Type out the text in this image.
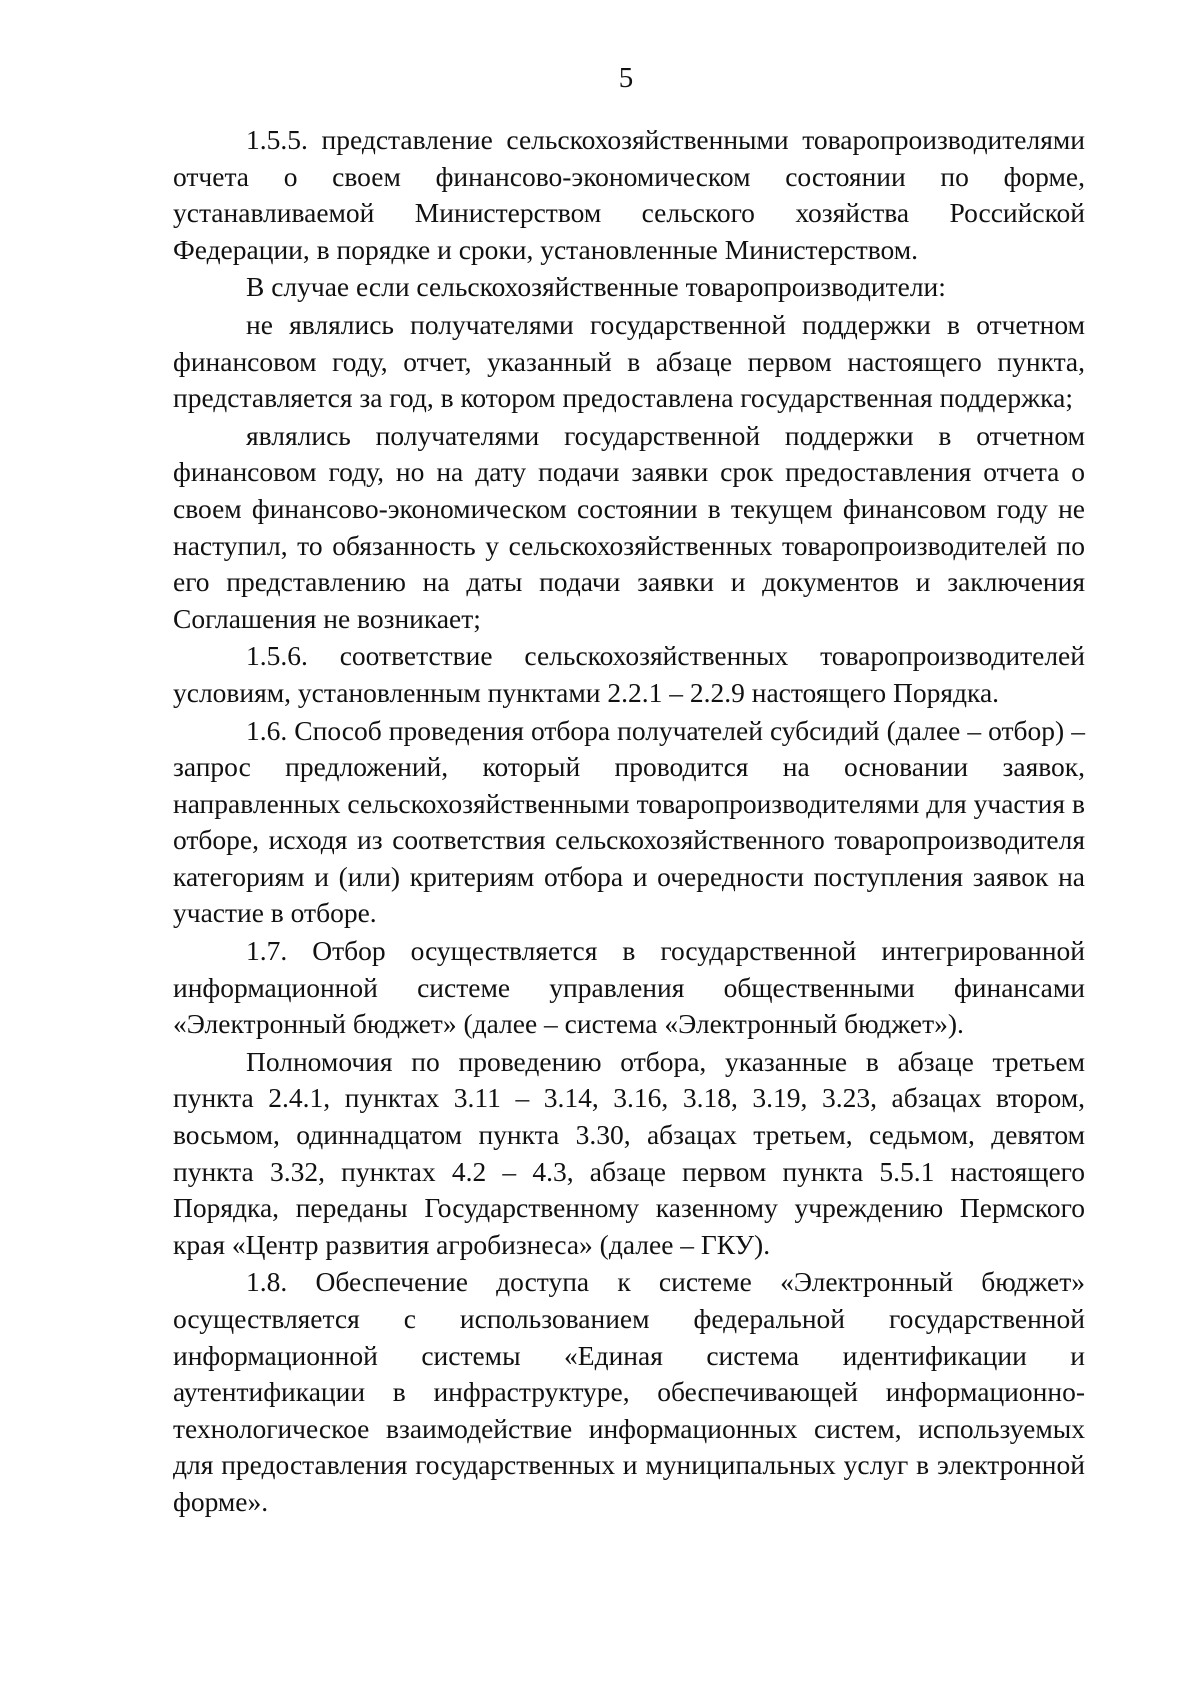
5

1.5.5. представление сельскохозяйственными товаропроизводителями отчета о своем финансово-экономическом состоянии по форме, устанавливаемой Министерством сельского хозяйства Российской Федерации, в порядке и сроки, установленные Министерством.

В случае если сельскохозяйственные товаропроизводители:

не являлись получателями государственной поддержки в отчетном финансовом году, отчет, указанный в абзаце первом настоящего пункта, представляется за год, в котором предоставлена государственная поддержка;

являлись получателями государственной поддержки в отчетном финансовом году, но на дату подачи заявки срок предоставления отчета о своем финансово-экономическом состоянии в текущем финансовом году не наступил, то обязанность у сельскохозяйственных товаропроизводителей по его представлению на даты подачи заявки и документов и заключения Соглашения не возникает;

1.5.6. соответствие сельскохозяйственных товаропроизводителей условиям, установленным пунктами 2.2.1 – 2.2.9 настоящего Порядка.

1.6. Способ проведения отбора получателей субсидий (далее – отбор) – запрос предложений, который проводится на основании заявок, направленных сельскохозяйственными товаропроизводителями для участия в отборе, исходя из соответствия сельскохозяйственного товаропроизводителя категориям и (или) критериям отбора и очередности поступления заявок на участие в отборе.

1.7. Отбор осуществляется в государственной интегрированной информационной системе управления общественными финансами «Электронный бюджет» (далее – система «Электронный бюджет»).

Полномочия по проведению отбора, указанные в абзаце третьем пункта 2.4.1, пунктах 3.11 – 3.14, 3.16, 3.18, 3.19, 3.23, абзацах втором, восьмом, одиннадцатом пункта 3.30, абзацах третьем, седьмом, девятом пункта 3.32, пунктах 4.2 – 4.3, абзаце первом пункта 5.5.1 настоящего Порядка, переданы Государственному казенному учреждению Пермского края «Центр развития агробизнеса» (далее – ГКУ).

1.8. Обеспечение доступа к системе «Электронный бюджет» осуществляется с использованием федеральной государственной информационной системы «Единая система идентификации и аутентификации в инфраструктуре, обеспечивающей информационно-технологическое взаимодействие информационных систем, используемых для предоставления государственных и муниципальных услуг в электронной форме».
